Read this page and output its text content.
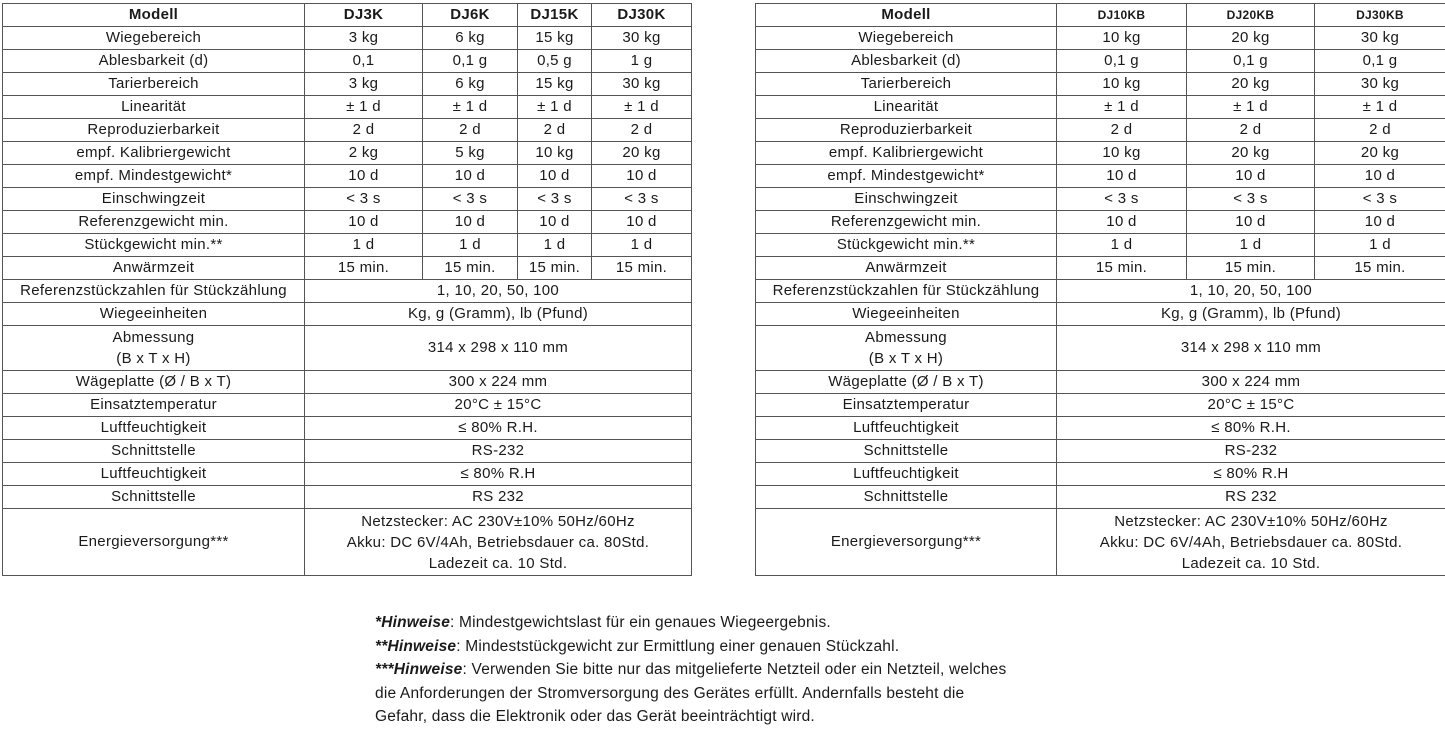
Modell	DJ3K	DJ6K	DJ15K	DJ30K
Wiegebereich	3 kg	6 kg	15 kg	30 kg
Ablesbarkeit (d)	0,1	0,1 g	0,5 g	1 g
Tarierbereich	3 kg	6 kg	15 kg	30 kg
Linearität	± 1 d	± 1 d	± 1 d	± 1 d
Reproduzierbarkeit	2 d	2 d	2 d	2 d
empf. Kalibriergewicht	2 kg	5 kg	10 kg	20 kg
empf. Mindestgewicht*	10 d	10 d	10 d	10 d
Einschwingzeit	< 3 s	< 3 s	< 3 s	< 3 s
Referenzgewicht min.	10 d	10 d	10 d	10 d
Stückgewicht min.**	1 d	1 d	1 d	1 d
Anwärmzeit	15 min.	15 min.	15 min.	15 min.
Referenzstückzahlen für Stückzählung	1, 10, 20, 50, 100			
Wiegeeinheiten	Kg, g (Gramm), lb (Pfund)			

Abmessung
(B x T x H)	314 x 298 x 110 mm			
Wägeplatte (Ø / B x T)	300 x 224 mm			
Einsatztemperatur	20°C ± 15°C			
Luftfeuchtigkeit	≤ 80% R.H.			
Schnittstelle	RS-232			
Luftfeuchtigkeit	≤ 80% R.H			
Schnittstelle	RS 232			
Energieversorgung***	Netzstecker: AC 230V±10% 50Hz/60Hz
Akku: DC 6V/4Ah, Betriebsdauer ca. 80Std.
Ladezeit ca. 10 Std.			
Modell	DJ10KB	DJ20KB	DJ30KB
Wiegebereich	10 kg	20 kg	30 kg
Ablesbarkeit (d)	0,1 g	0,1 g	0,1 g
Tarierbereich	10 kg	20 kg	30 kg
Linearität	± 1 d	± 1 d	± 1 d
Reproduzierbarkeit	2 d	2 d	2 d
empf. Kalibriergewicht	10 kg	20 kg	20 kg
empf. Mindestgewicht*	10 d	10 d	10 d
Einschwingzeit	< 3 s	< 3 s	< 3 s
Referenzgewicht min.	10 d	10 d	10 d
Stückgewicht min.**	1 d	1 d	1 d
Anwärmzeit	15 min.	15 min.	15 min.
Referenzstückzahlen für Stückzählung	1, 10, 20, 50, 100		
Wiegeeinheiten	Kg, g (Gramm), lb (Pfund)		

Abmessung
(B x T x H)	314 x 298 x 110 mm		
Wägeplatte (Ø / B x T)	300 x 224 mm		
Einsatztemperatur	20°C ± 15°C		
Luftfeuchtigkeit	≤ 80% R.H.		
Schnittstelle	RS-232		
Luftfeuchtigkeit	≤ 80% R.H		
Schnittstelle	RS 232		
Energieversorgung***	Netzstecker: AC 230V±10% 50Hz/60Hz
Akku: DC 6V/4Ah, Betriebsdauer ca. 80Std.
Ladezeit ca. 10 Std.		

*Hinweise: Mindestgewichtslast für ein genaues Wiegeergebnis.

**Hinweise: Mindeststückgewicht zur Ermittlung einer genauen Stückzahl.

***Hinweise: Verwenden Sie bitte nur das mitgelieferte Netzteil oder ein Netzteil, welches

die Anforderungen der Stromversorgung des Gerätes erfüllt. Andernfalls besteht die

Gefahr, dass die Elektronik oder das Gerät beeinträchtigt wird.
